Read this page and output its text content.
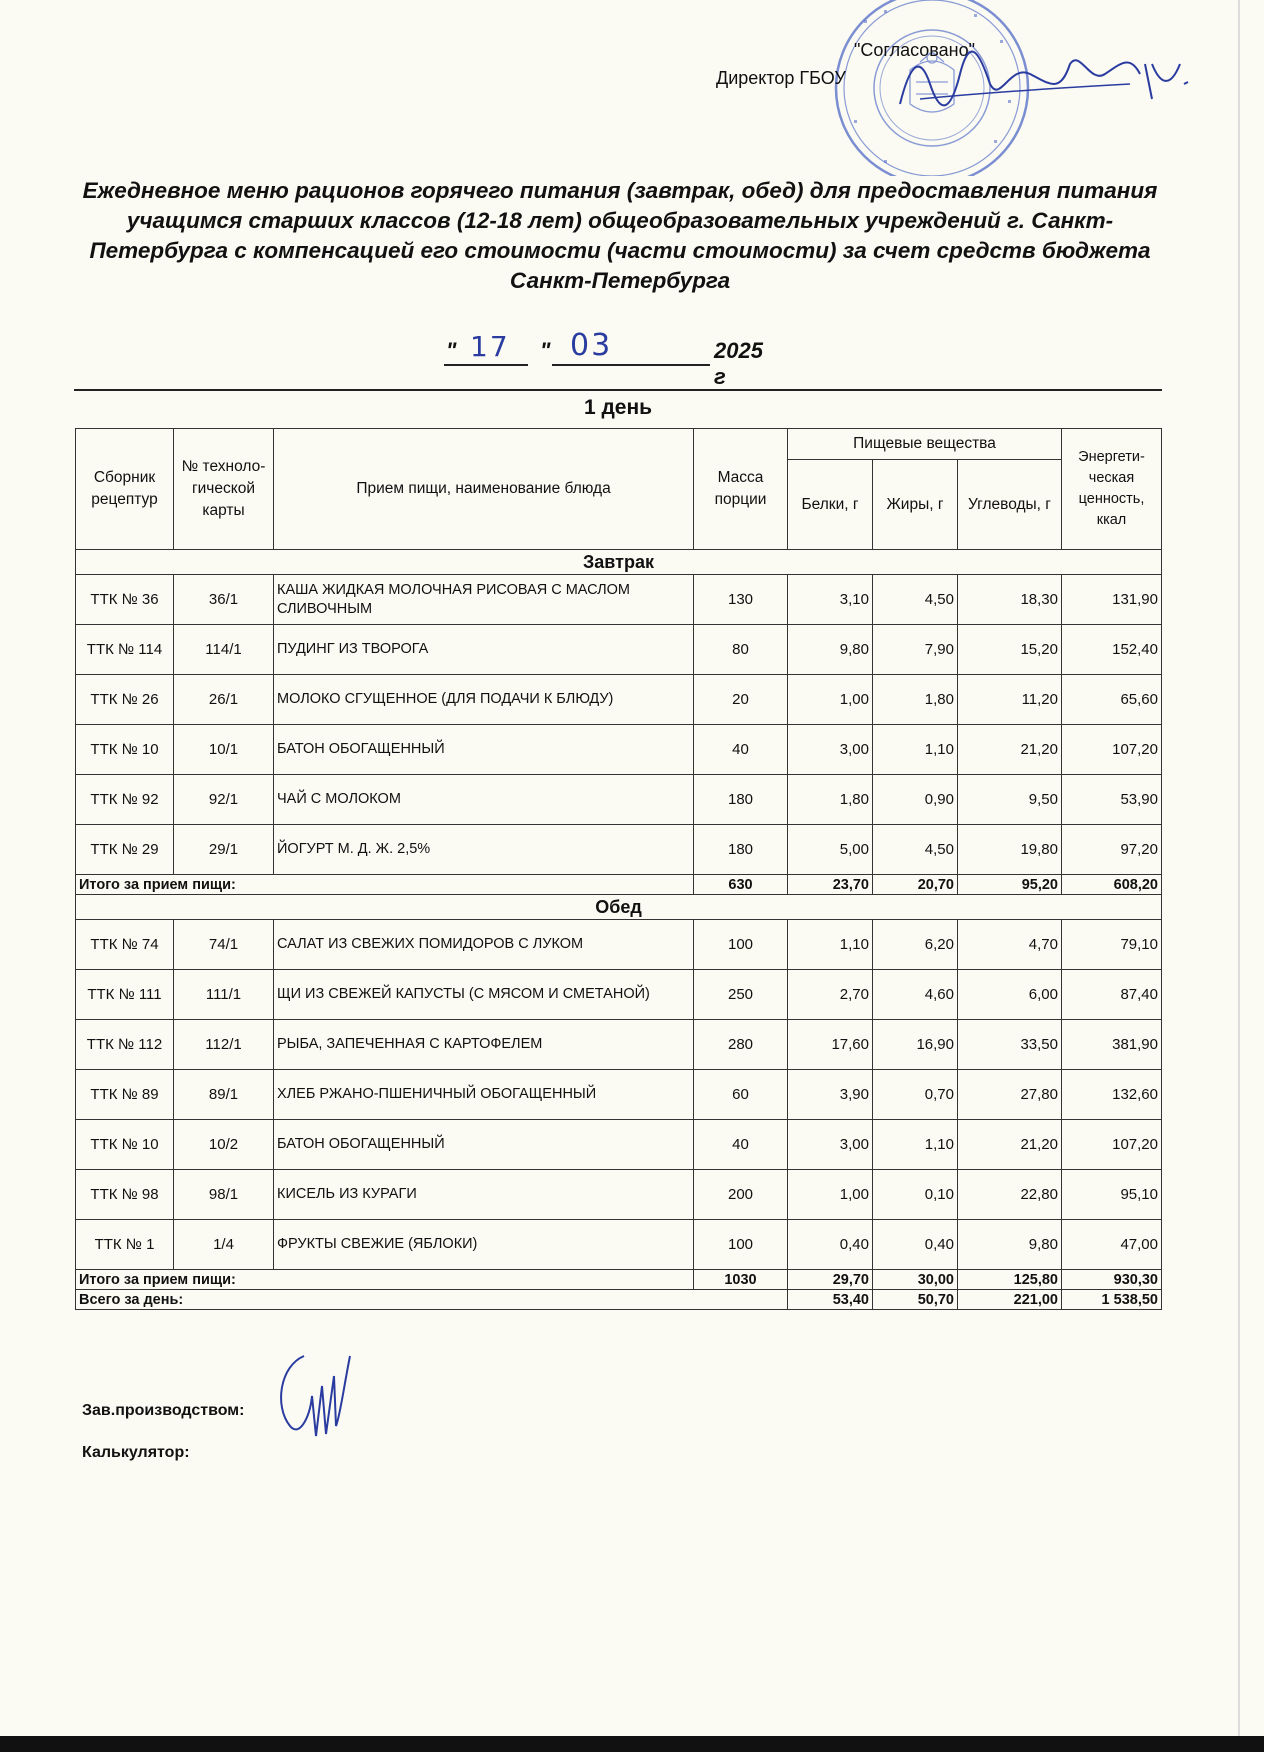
"Согласовано"
Директор ГБОУ
Ежедневное меню рационов горячего питания (завтрак, обед) для предоставления питания учащимся старших классов (12-18 лет) общеобразовательных учреждений г. Санкт-Петербурга с компенсацией его стоимости (части стоимости) за счет средств бюджета Санкт-Петербурга
" 17 " 03	2025 г
1 день
Сборник рецептур	№ техноло- гической карты	Прием пищи, наименование блюда	Масса порции	Пищевые вещества			Энергети- ческая ценность, ккал
				Белки, г	Жиры, г	Углеводы, г	
Завтрак							
ТТК № 36	36/1	КАША ЖИДКАЯ МОЛОЧНАЯ РИСОВАЯ С МАСЛОМ СЛИВОЧНЫМ	130	3,10	4,50	18,30	131,90
ТТК № 114	114/1	ПУДИНГ ИЗ ТВОРОГА	80	9,80	7,90	15,20	152,40
ТТК № 26	26/1	МОЛОКО СГУЩЕННОЕ (ДЛЯ ПОДАЧИ К БЛЮДУ)	20	1,00	1,80	11,20	65,60
ТТК № 10	10/1	БАТОН ОБОГАЩЕННЫЙ	40	3,00	1,10	21,20	107,20
ТТК № 92	92/1	ЧАЙ С МОЛОКОМ	180	1,80	0,90	9,50	53,90
ТТК № 29	29/1	ЙОГУРТ М. Д. Ж. 2,5%	180	5,00	4,50	19,80	97,20
Итого за прием пищи:			630	23,70	20,70	95,20	608,20
Обед							
ТТК № 74	74/1	САЛАТ ИЗ СВЕЖИХ ПОМИДОРОВ С ЛУКОМ	100	1,10	6,20	4,70	79,10
ТТК № 111	111/1	ЩИ ИЗ СВЕЖЕЙ КАПУСТЫ (С МЯСОМ И СМЕТАНОЙ)	250	2,70	4,60	6,00	87,40
ТТК № 112	112/1	РЫБА, ЗАПЕЧЕННАЯ С КАРТОФЕЛЕМ	280	17,60	16,90	33,50	381,90
ТТК № 89	89/1	ХЛЕБ РЖАНО-ПШЕНИЧНЫЙ ОБОГАЩЕННЫЙ	60	3,90	0,70	27,80	132,60
ТТК № 10	10/2	БАТОН ОБОГАЩЕННЫЙ	40	3,00	1,10	21,20	107,20
ТТК № 98	98/1	КИСЕЛЬ ИЗ КУРАГИ	200	1,00	0,10	22,80	95,10
ТТК № 1	1/4	ФРУКТЫ СВЕЖИЕ (ЯБЛОКИ)	100	0,40	0,40	9,80	47,00
Итого за прием пищи:			1030	29,70	30,00	125,80	930,30
Всего за день:				53,40	50,70	221,00	1 538,50
Зав.производством:
Калькулятор:
